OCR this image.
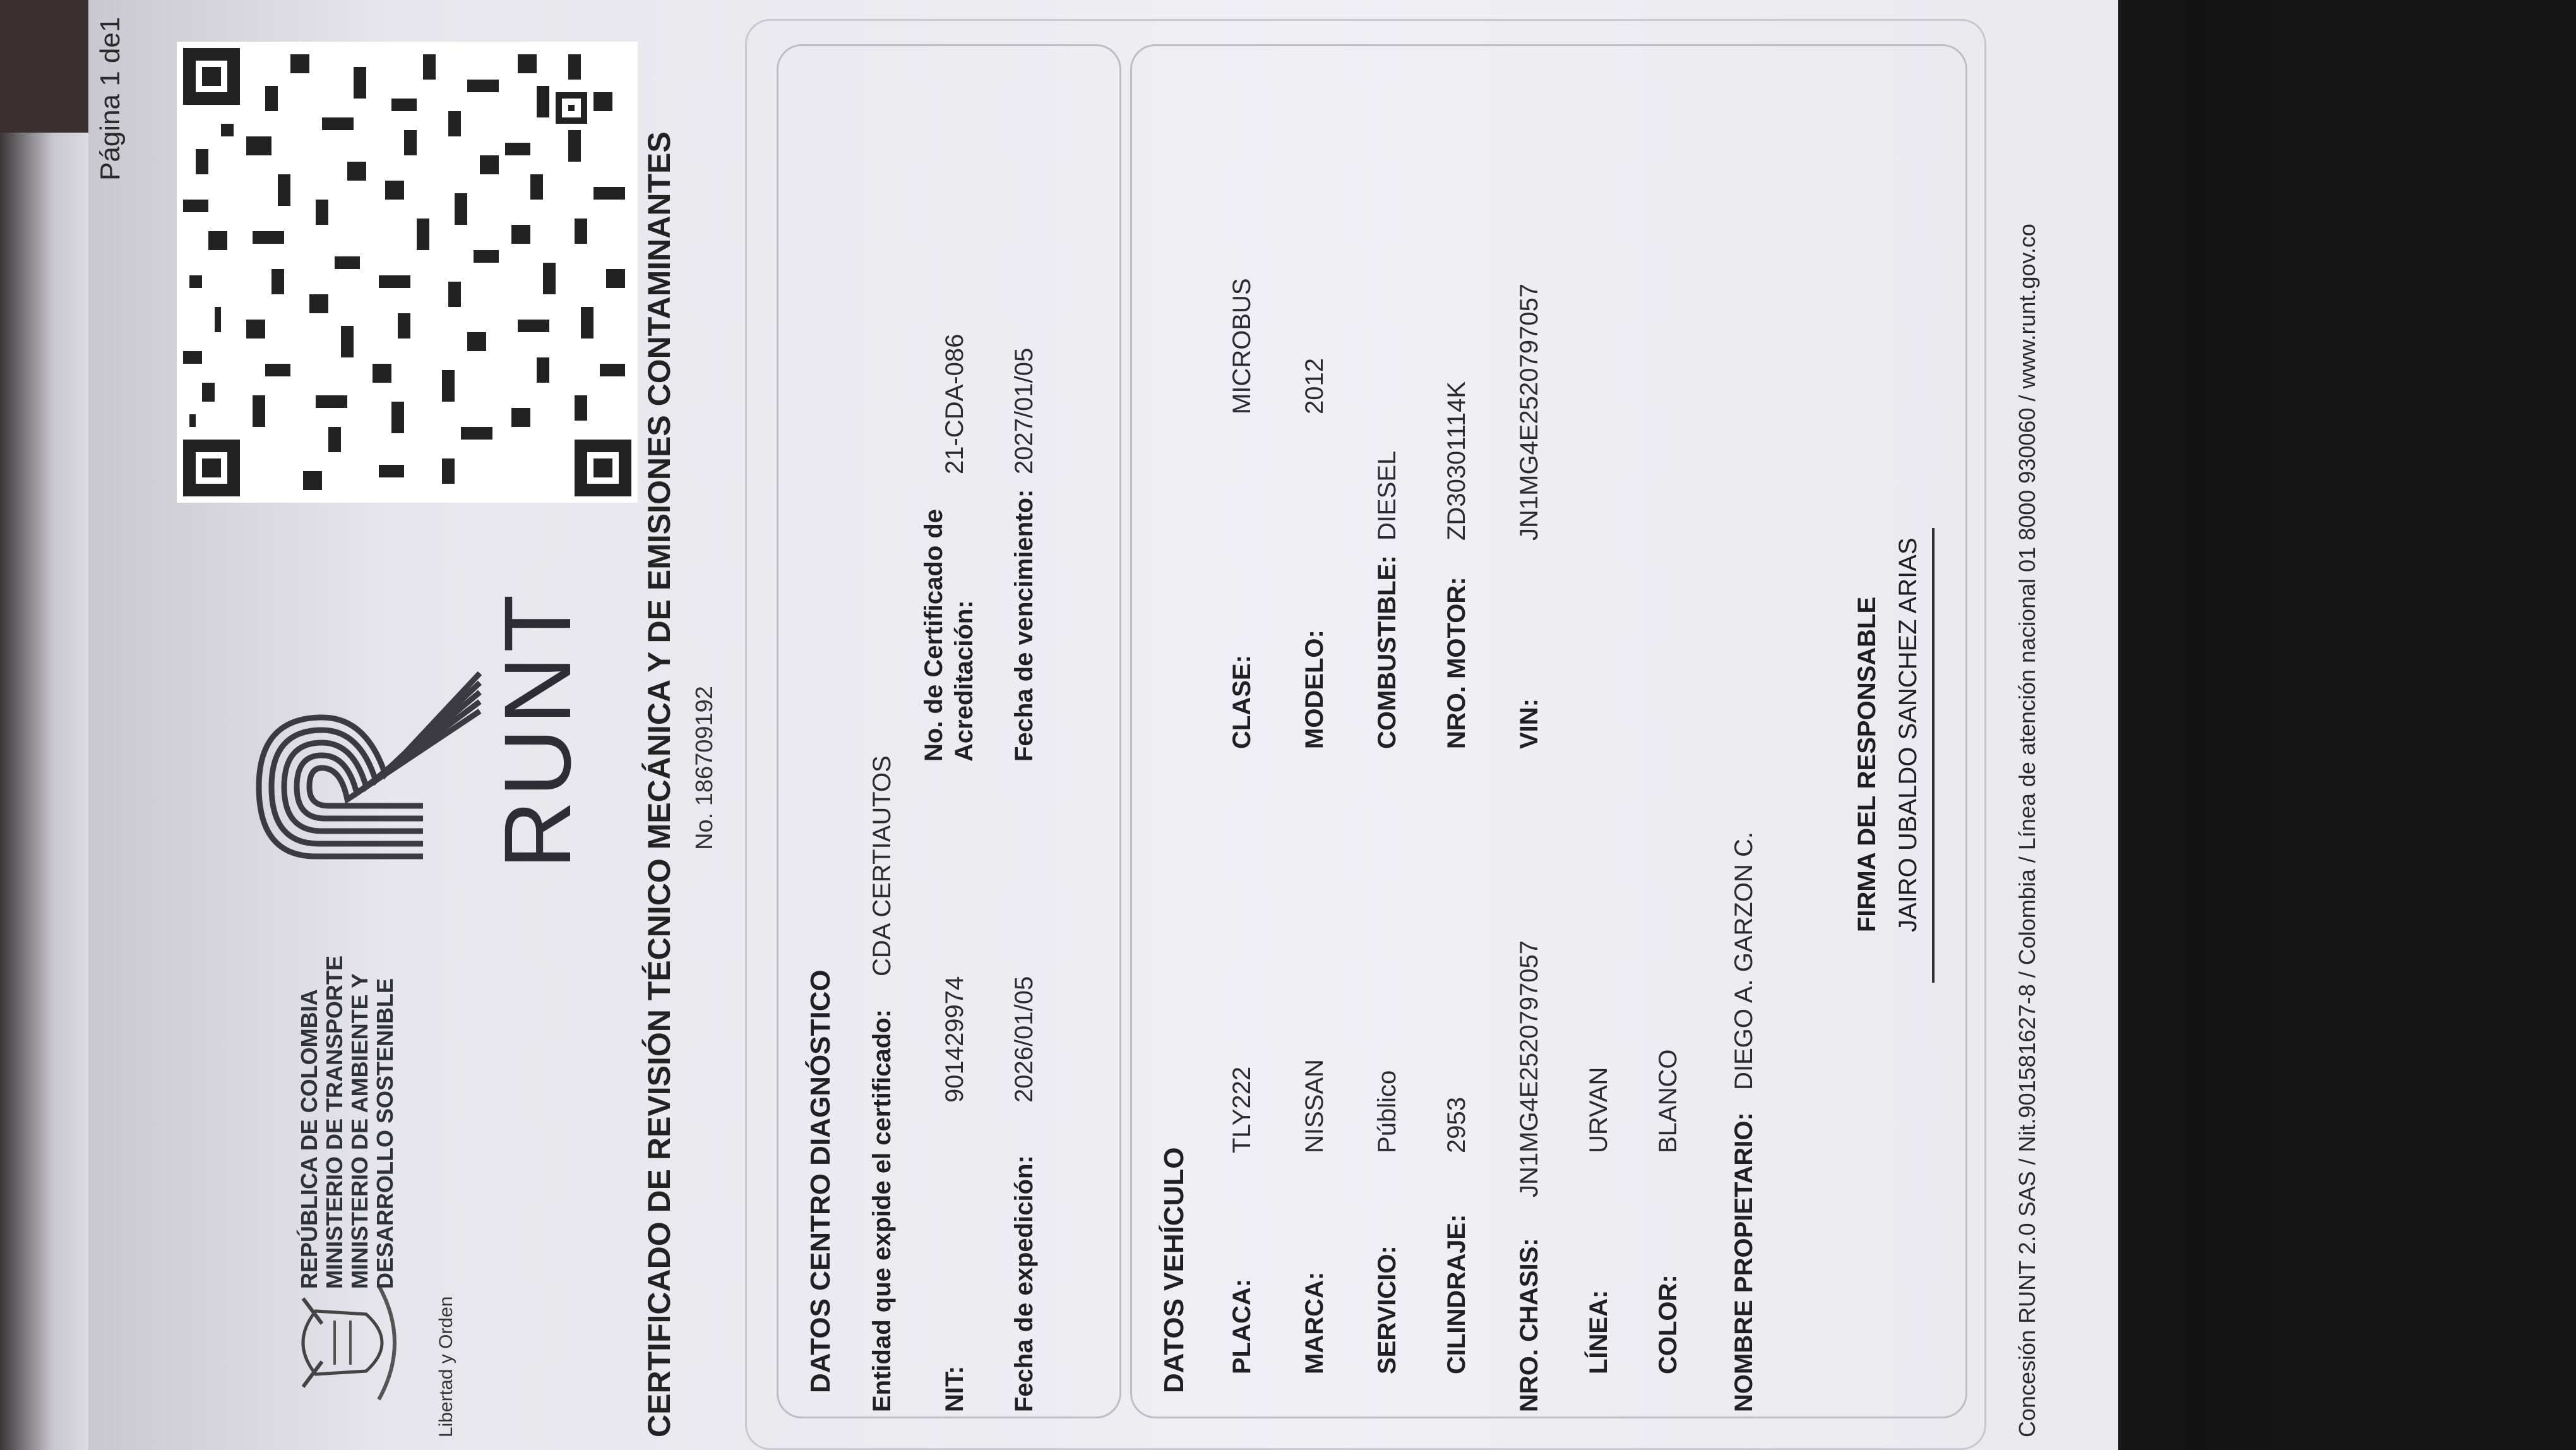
Página 1 de1
Libertad y Orden
REPÚBLICA DE COLOMBIA MINISTERIO DE TRANSPORTE MINISTERIO DE AMBIENTE Y DESARROLLO SOSTENIBLE
RUNT CERTIFICADO DE REVISIÓN TÉCNICO MECÁNICA Y DE EMISIONES CONTAMINANTES No. 186709192
DATOS CENTRO DIAGNÓSTICO Entidad que expide el certificado:
CDA CERTIAUTOS
NIT:
901429974
No. de Certificado de Acreditación:
21-CDA-086
Fecha de expedición:
2026/01/05
Fecha de vencimiento:
2027/01/05
DATOS VEHÍCULO PLACA:
TLY222
CLASE:
MICROBUS
MARCA:
NISSAN
MODELO:
2012
SERVICIO:
Público
COMBUSTIBLE:
DIESEL
CILINDRAJE:
2953
NRO. MOTOR:
ZD30301114K
NRO. CHASIS:
JN1MG4E2520797057
VIN:
JN1MG4E2520797057
LÍNEA:
URVAN
COLOR:
BLANCO
NOMBRE PROPIETARIO:
DIEGO A. GARZON C.
FIRMA DEL RESPONSABLE JAIRO UBALDO SANCHEZ ARIAS	Concesión RUNT 2.0 SAS / Nit.901581627-8 / Colombia / Línea de atención nacional 01 8000 930060 / www.runt.gov.co
